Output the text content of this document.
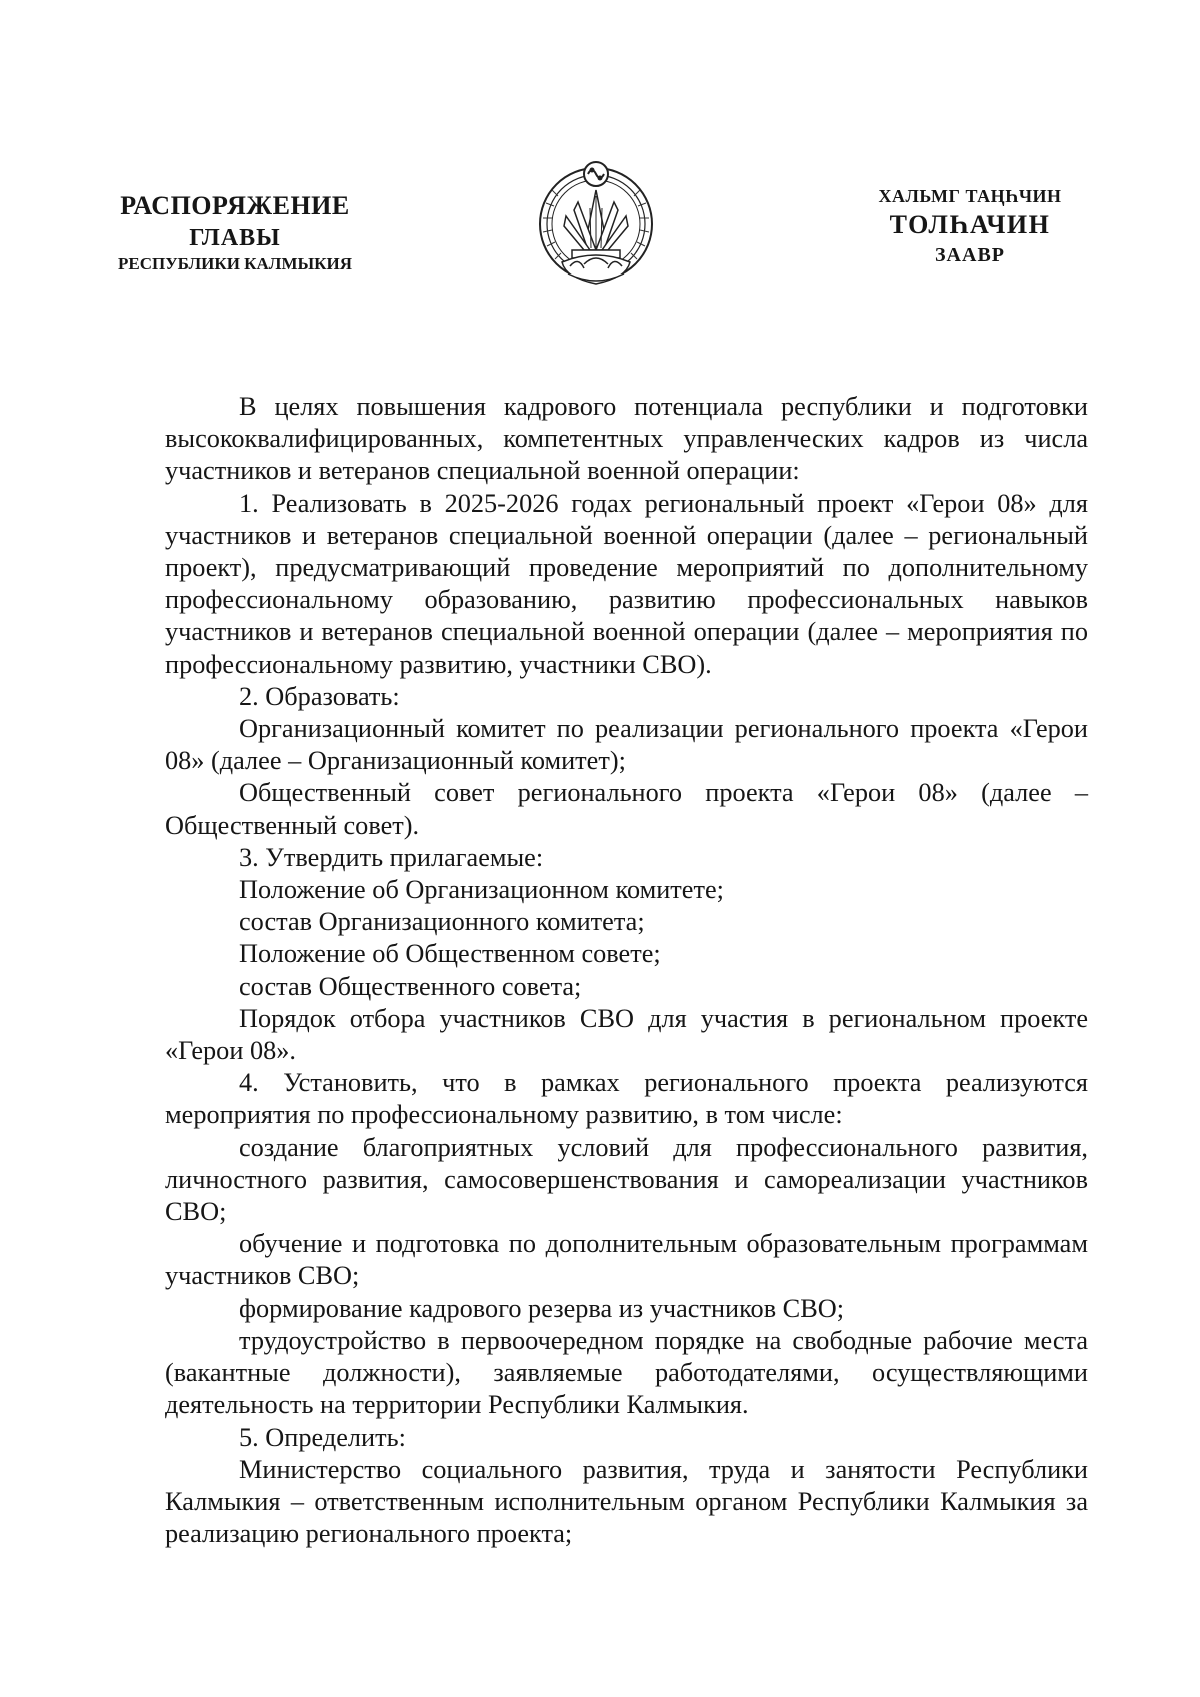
РАСПОРЯЖЕНИЕ
ГЛАВЫ
РЕСПУБЛИКИ КАЛМЫКИЯ
ХАЛЬМГ ТАҢҺЧИН
ТОЛҺАЧИН
ЗААВР

В целях повышения кадрового потенциала республики и подготовки высококвалифицированных, компетентных управленческих кадров из числа участников и ветеранов специальной военной операции:

1. Реализовать в 2025-2026 годах региональный проект «Герои 08» для участников и ветеранов специальной военной операции (далее – региональный проект), предусматривающий проведение мероприятий по дополнительному профессиональному образованию, развитию профессиональных навыков участников и ветеранов специальной военной операции (далее – мероприятия по профессиональному развитию, участники СВО).

2. Образовать:

Организационный комитет по реализации регионального проекта «Герои 08» (далее – Организационный комитет);

Общественный совет регионального проекта «Герои 08» (далее – Общественный совет).

3. Утвердить прилагаемые:

Положение об Организационном комитете;

состав Организационного комитета;

Положение об Общественном совете;

состав Общественного совета;

Порядок отбора участников СВО для участия в региональном проекте «Герои 08».

4. Установить, что в рамках регионального проекта реализуются мероприятия по профессиональному развитию, в том числе:

создание благоприятных условий для профессионального развития, личностного развития, самосовершенствования и самореализации участников СВО;

обучение и подготовка по дополнительным образовательным программам участников СВО;

формирование кадрового резерва из участников СВО;

трудоустройство в первоочередном порядке на свободные рабочие места (вакантные должности), заявляемые работодателями, осуществляющими деятельность на территории Республики Калмыкия.

5. Определить:

Министерство социального развития, труда и занятости Республики Калмыкия – ответственным исполнительным органом Республики Калмыкия за реализацию регионального проекта;
